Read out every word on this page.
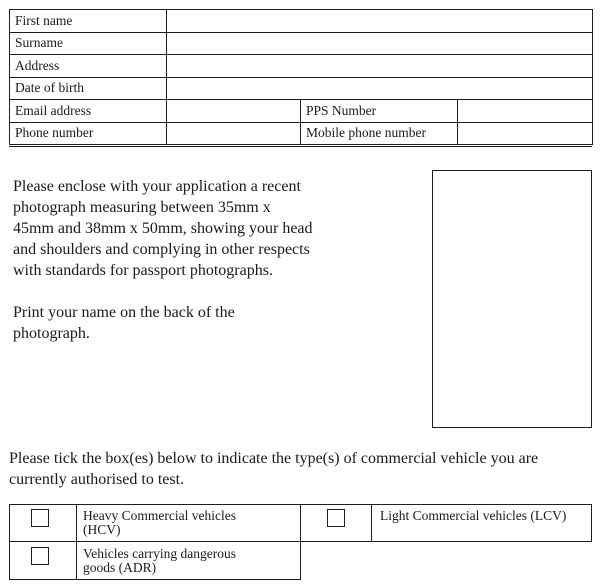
First name			
Surname			
Address			
Date of birth			
Email address		PPS Number	
Phone number		Mobile phone number	

Please enclose with your application a recent photograph measuring between 35mm x 45mm and 38mm x 50mm, showing your head and shoulders and complying in other respects with standards for passport photographs.

Print your name on the back of the photograph.

Please tick the box(es) below to indicate the type(s) of commercial vehicle you are currently authorised to test.

Heavy Commercial vehicles
(HCV)
Light Commercial vehicles (LCV)
Vehicles carrying dangerous
goods (ADR)
